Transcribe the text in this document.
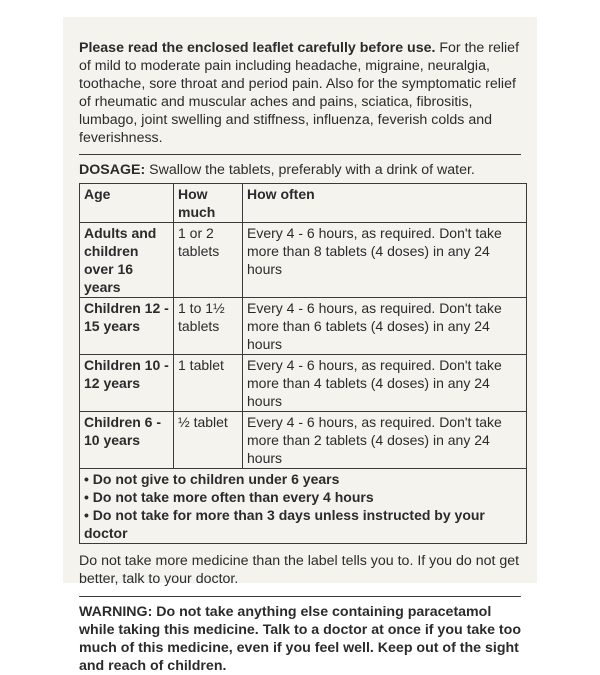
Please read the enclosed leaflet carefully before use. For the relief of mild to moderate pain including headache, migraine, neuralgia, toothache, sore throat and period pain. Also for the symptomatic relief of rheumatic and muscular aches and pains, sciatica, fibrositis, lumbago, joint swelling and stiffness, influenza, feverish colds and feverishness.

DOSAGE: Swallow the tablets, preferably with a drink of water.

Age	How much	How often
Adults and children over 16 years	1 or 2 tablets	Every 4 - 6 hours, as required. Don't take more than 8 tablets (4 doses) in any 24 hours
Children 12 - 15 years	1 to 1½ tablets	Every 4 - 6 hours, as required. Don't take more than 6 tablets (4 doses) in any 24 hours
Children 10 - 12 years	1 tablet	Every 4 - 6 hours, as required. Don't take more than 4 tablets (4 doses) in any 24 hours
Children 6 - 10 years	½ tablet	Every 4 - 6 hours, as required. Don't take more than 2 tablets (4 doses) in any 24 hours

• Do not give to children under 6 years
• Do not take more often than every 4 hours
• Do not take for more than 3 days unless instructed by your doctor		

Do not take more medicine than the label tells you to. If you do not get better, talk to your doctor.

WARNING: Do not take anything else containing paracetamol while taking this medicine. Talk to a doctor at once if you take too much of this medicine, even if you feel well. Keep out of the sight and reach of children.
